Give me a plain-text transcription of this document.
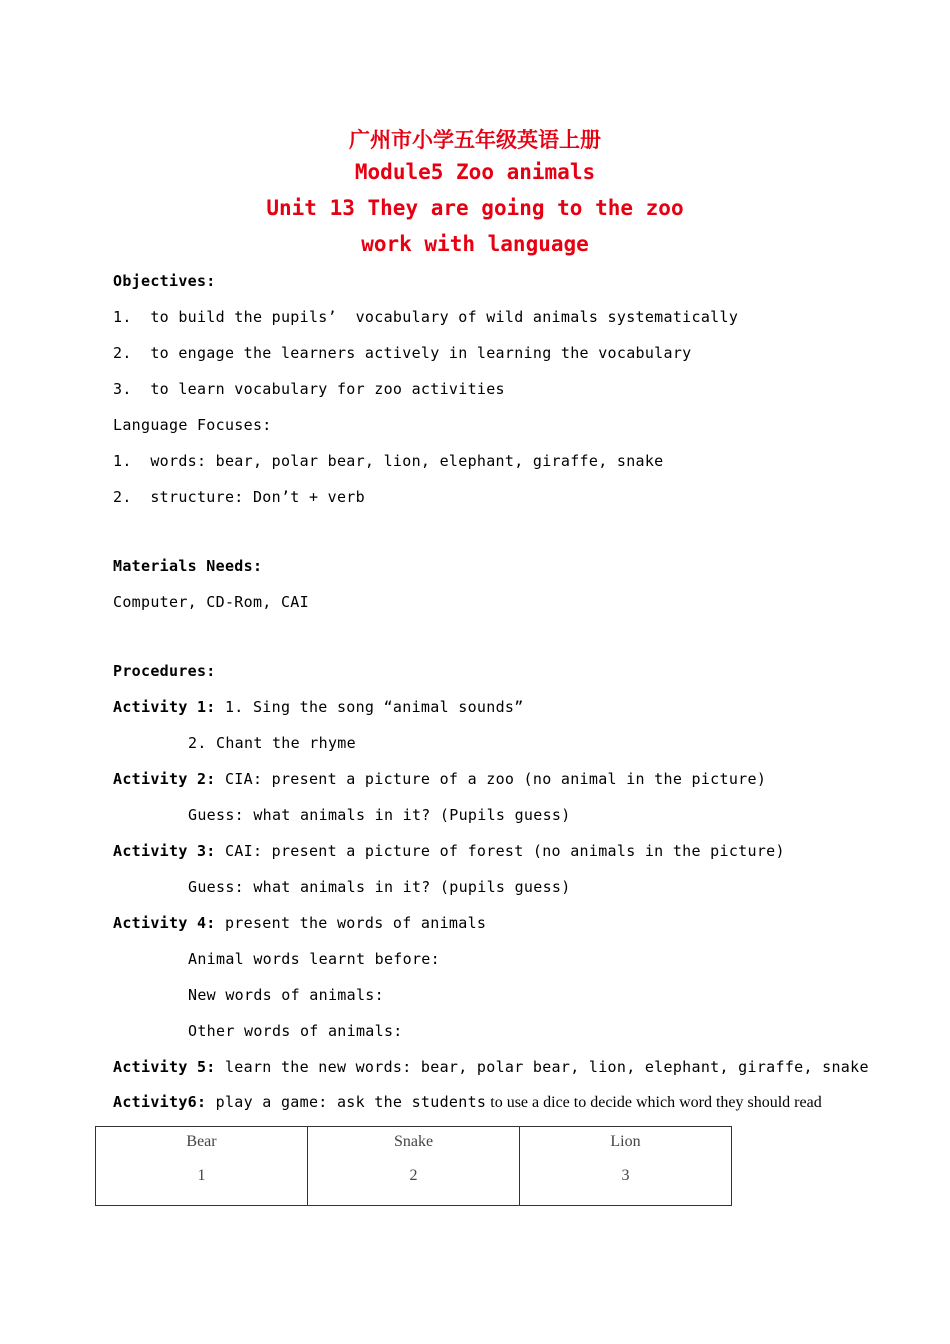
广州市小学五年级英语上册
Module5 Zoo animals
Unit 13 They are going to the zoo
work with language
Objectives:
1.  to build the pupils’  vocabulary of wild animals systematically
2.  to engage the learners actively in learning the vocabulary
3.  to learn vocabulary for zoo activities
Language Focuses:
1.  words: bear, polar bear, lion, elephant, giraffe, snake
2.  structure: Don’t + verb
Materials Needs:
Computer, CD-Rom, CAI
Procedures:
Activity 1: 1. Sing the song “animal sounds”
2. Chant the rhyme
Activity 2: CIA: present a picture of a zoo (no animal in the picture)
Guess: what animals in it? (Pupils guess)
Activity 3: CAI: present a picture of forest (no animals in the picture)
Guess: what animals in it? (pupils guess)
Activity 4: present the words of animals
Animal words learnt before:
New words of animals:
Other words of animals:
Activity 5: learn the new words: bear, polar bear, lion, elephant, giraffe, snake
Activity6: play a game: ask the students to use a dice to decide which word they should read
Bear
1

Snake
2

Lion
3
